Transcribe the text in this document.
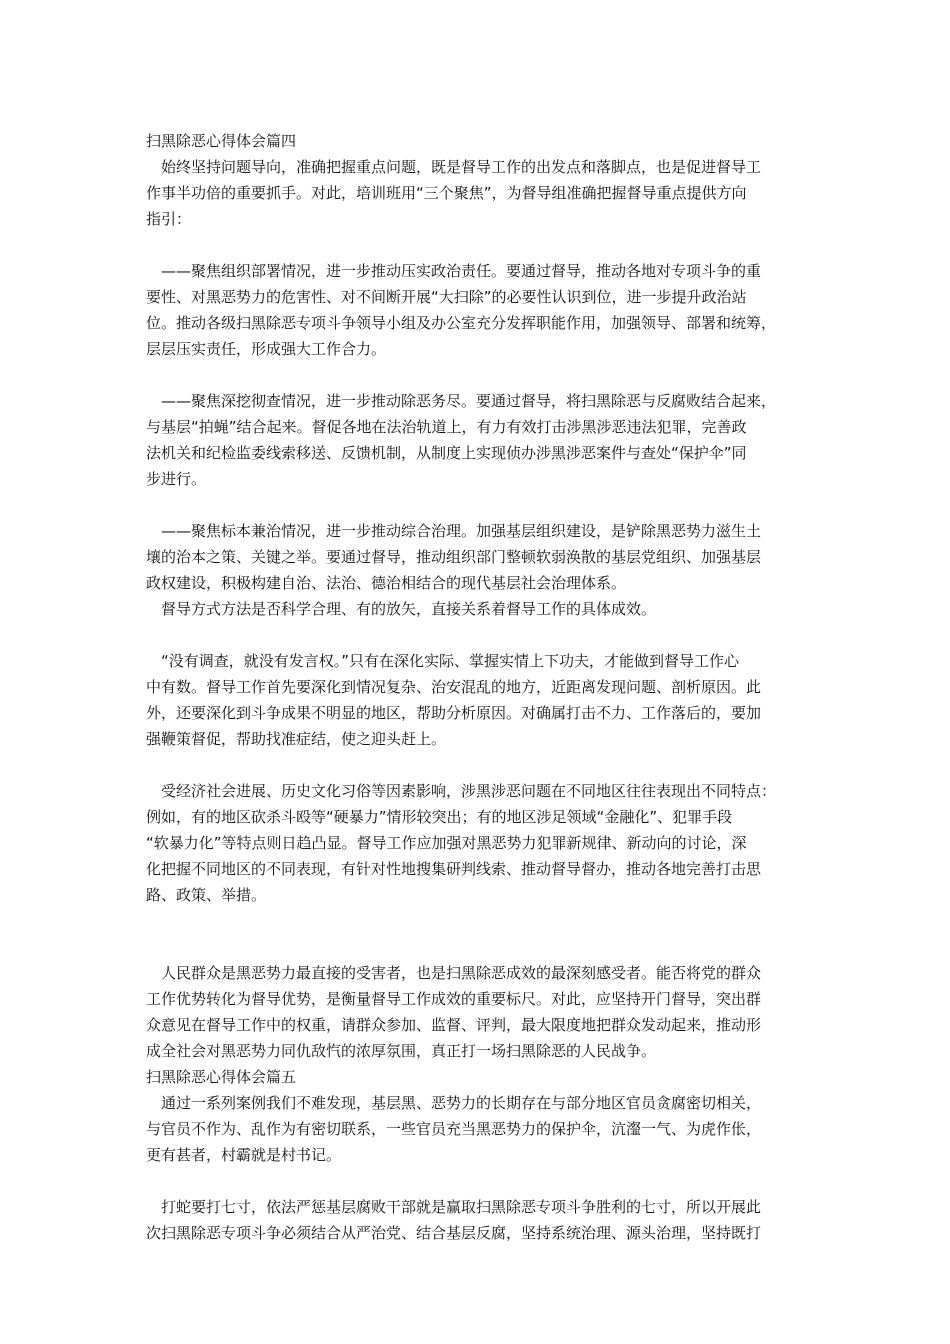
扫黑除恶心得体会篇四
　始终坚持问题导向，准确把握重点问题，既是督导工作的出发点和落脚点，也是促进督导工
作事半功倍的重要抓手。对此，培训班用“三个聚焦”，为督导组准确把握督导重点提供方向
指引：
　——聚焦组织部署情况，进一步推动压实政治责任。要通过督导，推动各地对专项斗争的重
要性、对黑恶势力的危害性、对不间断开展“大扫除”的必要性认识到位，进一步提升政治站
位。推动各级扫黑除恶专项斗争领导小组及办公室充分发挥职能作用，加强领导、部署和统筹，
层层压实责任，形成强大工作合力。
　——聚焦深挖彻查情况，进一步推动除恶务尽。要通过督导，将扫黑除恶与反腐败结合起来，
与基层“拍蝇”结合起来。督促各地在法治轨道上，有力有效打击涉黑涉恶违法犯罪，完善政
法机关和纪检监委线索移送、反馈机制，从制度上实现侦办涉黑涉恶案件与查处“保护伞”同
步进行。
　——聚焦标本兼治情况，进一步推动综合治理。加强基层组织建设，是铲除黑恶势力滋生土
壤的治本之策、关键之举。要通过督导，推动组织部门整顿软弱涣散的基层党组织、加强基层
政权建设，积极构建自治、法治、德治相结合的现代基层社会治理体系。
　督导方式方法是否科学合理、有的放矢，直接关系着督导工作的具体成效。
　“没有调查，就没有发言权。”只有在深化实际、掌握实情上下功夫，才能做到督导工作心
中有数。督导工作首先要深化到情况复杂、治安混乱的地方，近距离发现问题、剖析原因。此
外，还要深化到斗争成果不明显的地区，帮助分析原因。对确属打击不力、工作落后的，要加
强鞭策督促，帮助找准症结，使之迎头赶上。
　受经济社会进展、历史文化习俗等因素影响，涉黑涉恶问题在不同地区往往表现出不同特点：
例如，有的地区砍杀斗殴等“硬暴力”情形较突出；有的地区涉足领域“金融化”、犯罪手段
“软暴力化”等特点则日趋凸显。督导工作应加强对黑恶势力犯罪新规律、新动向的讨论，深
化把握不同地区的不同表现，有针对性地搜集研判线索、推动督导督办，推动各地完善打击思
路、政策、举措。
　人民群众是黑恶势力最直接的受害者，也是扫黑除恶成效的最深刻感受者。能否将党的群众
工作优势转化为督导优势，是衡量督导工作成效的重要标尺。对此，应坚持开门督导，突出群
众意见在督导工作中的权重，请群众参加、监督、评判，最大限度地把群众发动起来，推动形
成全社会对黑恶势力同仇敌忾的浓厚氛围，真正打一场扫黑除恶的人民战争。
扫黑除恶心得体会篇五
　通过一系列案例我们不难发现，基层黑、恶势力的长期存在与部分地区官员贪腐密切相关，
与官员不作为、乱作为有密切联系，一些官员充当黑恶势力的保护伞，沆瀣一气、为虎作伥，
更有甚者，村霸就是村书记。
　打蛇要打七寸，依法严惩基层腐败干部就是赢取扫黑除恶专项斗争胜利的七寸，所以开展此
次扫黑除恶专项斗争必须结合从严治党、结合基层反腐，坚持系统治理、源头治理，坚持既打
